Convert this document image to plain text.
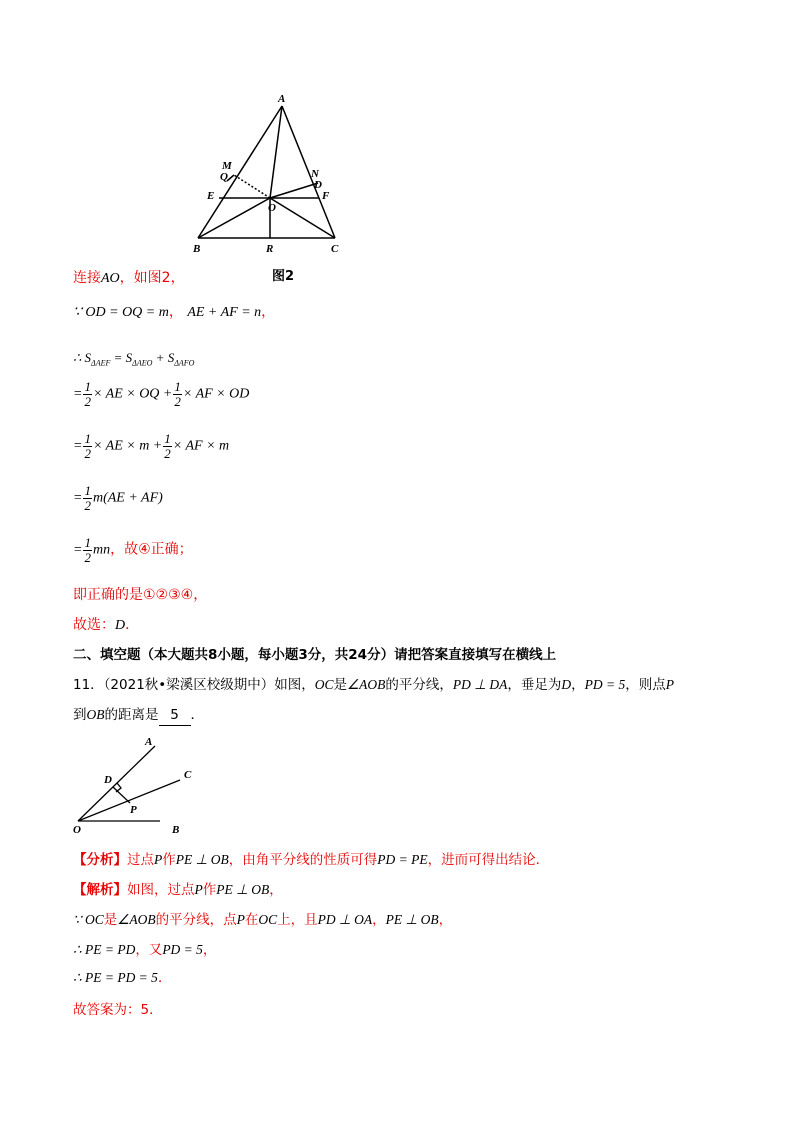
A
M
Q	N
D
E	F
O
B	R	C
图2
连接AO，如图2，
∵ OD = OQ = m， AE + AF = n，
∴ $S_{\Delta AEF} = S_{\Delta AEO} + S_{\Delta AFO}$
= $\frac{1}{2}$ × AE × OQ + $\frac{1}{2}$ × AF × OD
= $\frac{1}{2}$ × AE × $m + \frac{1}{2}$ × AF × m
= $\frac{1}{2} m(AE + AF)$
= $\frac{1}{2}$ mn，故④正确；
即正确的是①②③④，
故选：D．
二、填空题（本大题共8小题，每小题3分，共24分）请把答案直接填写在横线上
11．（2021秋•梁溪区校级期中）如图，OC是∠AOB的平分线，PD ⊥ DA，垂足为D，PD = 5，则点P
到OB的距离是 5 ．
A
C
D
P
O	B
【分析】过点P作PE ⊥ OB，由角平分线的性质可得PD = PE，进而可得出结论．
【解析】如图，过点P作PE ⊥ OB，
∵ OC是∠AOB的平分线，点P在OC上，且PD ⊥ OA，PE ⊥ OB，
∴ PE = PD，又PD = 5，
∴ PE = PD = 5．
故答案为：5．
